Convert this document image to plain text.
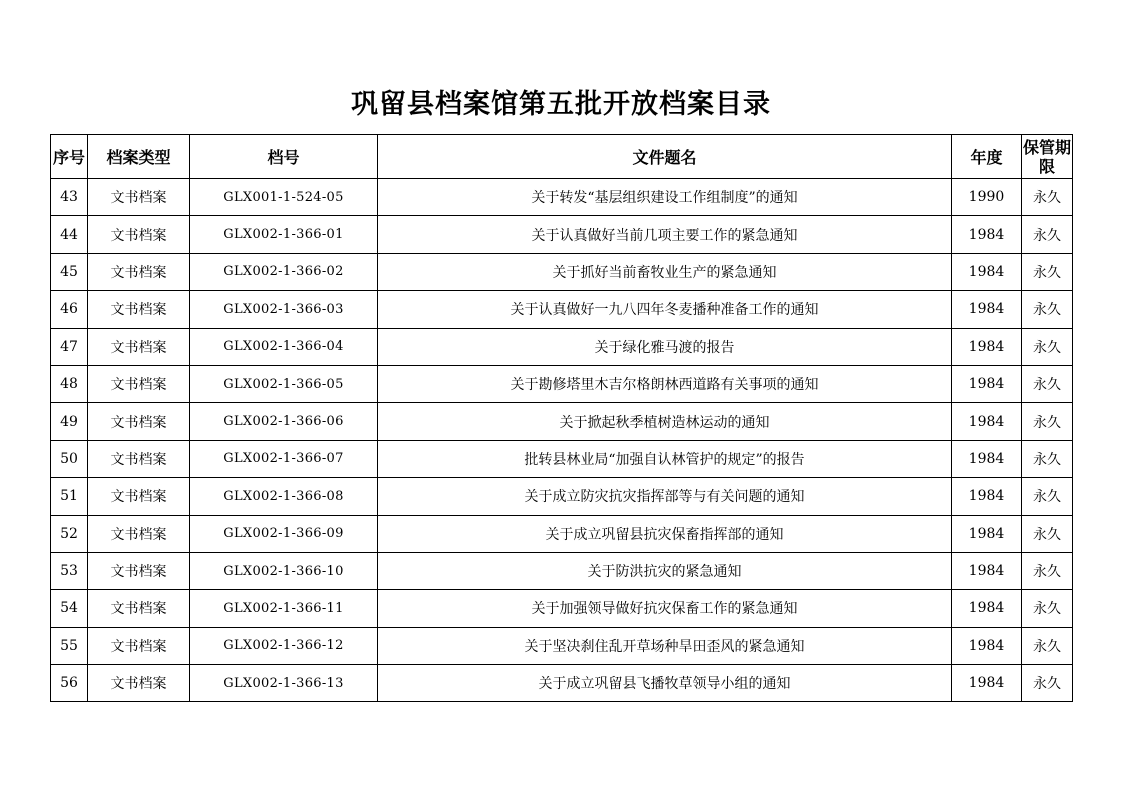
巩留县档案馆第五批开放档案目录
序号	档案类型	档号	文件题名	年度	保管期限
43	文书档案	GLX001-1-524-05	关于转发“基层组织建设工作组制度”的通知	1990	永久
44	文书档案	GLX002-1-366-01	关于认真做好当前几项主要工作的紧急通知	1984	永久
45	文书档案	GLX002-1-366-02	关于抓好当前畜牧业生产的紧急通知	1984	永久
46	文书档案	GLX002-1-366-03	关于认真做好一九八四年冬麦播种准备工作的通知	1984	永久
47	文书档案	GLX002-1-366-04	关于绿化雅马渡的报告	1984	永久
48	文书档案	GLX002-1-366-05	关于勘修塔里木吉尔格朗林西道路有关事项的通知	1984	永久
49	文书档案	GLX002-1-366-06	关于掀起秋季植树造林运动的通知	1984	永久
50	文书档案	GLX002-1-366-07	批转县林业局“加强自认林管护的规定”的报告	1984	永久
51	文书档案	GLX002-1-366-08	关于成立防灾抗灾指挥部等与有关问题的通知	1984	永久
52	文书档案	GLX002-1-366-09	关于成立巩留县抗灾保畜指挥部的通知	1984	永久
53	文书档案	GLX002-1-366-10	关于防洪抗灾的紧急通知	1984	永久
54	文书档案	GLX002-1-366-11	关于加强领导做好抗灾保畜工作的紧急通知	1984	永久
55	文书档案	GLX002-1-366-12	关于坚决刹住乱开草场种旱田歪风的紧急通知	1984	永久
56	文书档案	GLX002-1-366-13	关于成立巩留县飞播牧草领导小组的通知	1984	永久
